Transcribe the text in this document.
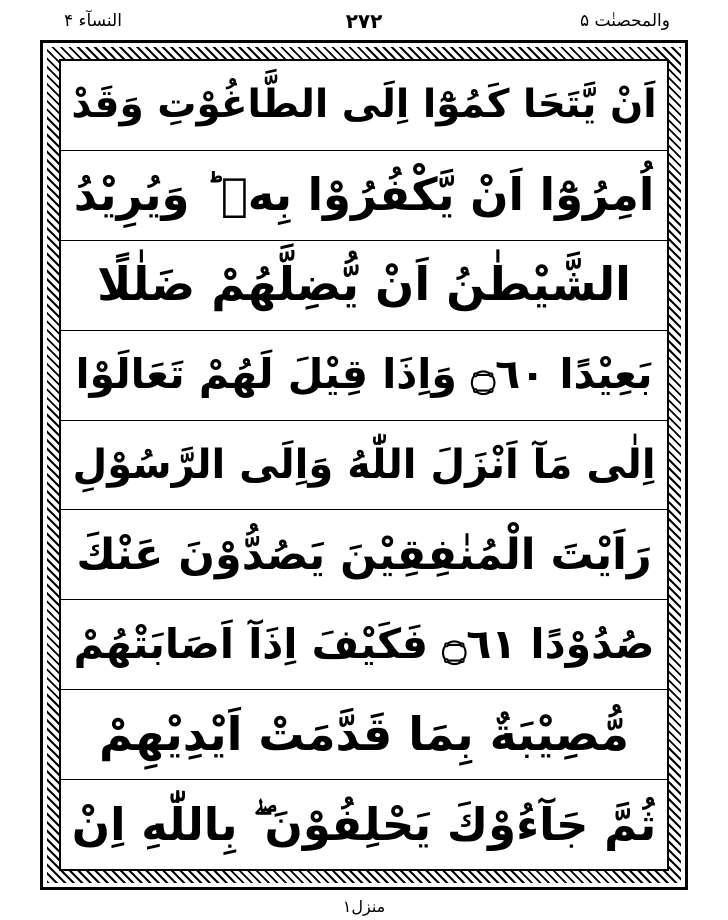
النسآء ۴	۲۷۲	والمحصنٰت ۵
اَنْ يَّتَحَا كَمُوْٓا اِلَى الطَّاغُوْتِ وَقَدْ
اُمِرُوْٓا اَنْ يَّكْفُرُوْا بِهٖ ؕ وَيُرِيْدُ
الشَّيْطٰنُ اَنْ يُّضِلَّهُمْ ضَلٰلًا
بَعِيْدًا ۝٦٠ وَاِذَا قِيْلَ لَهُمْ تَعَالَوْا
اِلٰى مَآ اَنْزَلَ اللّٰهُ وَاِلَى الرَّسُوْلِ
رَاَيْتَ الْمُنٰفِقِيْنَ يَصُدُّوْنَ عَنْكَ
صُدُوْدًا ۝٦١ فَكَيْفَ اِذَآ اَصَابَتْهُمْ
مُّصِيْبَةٌ بِمَا قَدَّمَتْ اَيْدِيْهِمْ
ثُمَّ جَآءُوْكَ يَحْلِفُوْنَ ۖ بِاللّٰهِ اِنْ
منزل۱
